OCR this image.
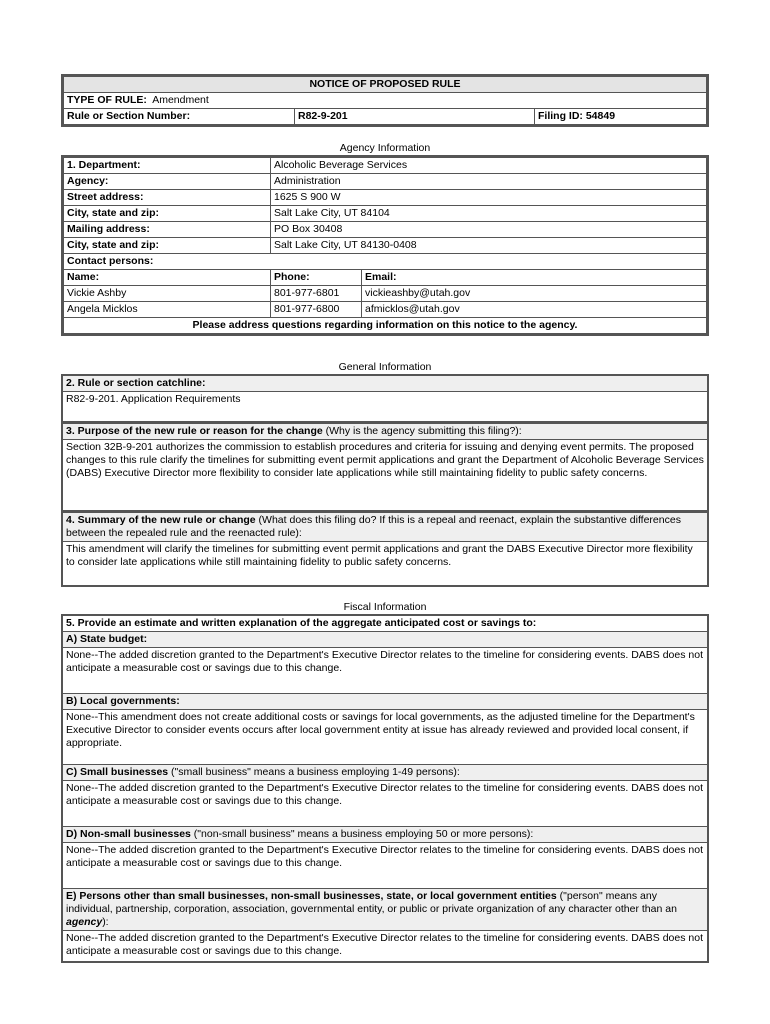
NOTICE OF PROPOSED RULE
TYPE OF RULE: Amendment
Rule or Section Number:	R82-9-201	Filing ID: 54849
Agency Information
1. Department:	Alcoholic Beverage Services	
Agency:	Administration	
Street address:	1625 S 900 W	
City, state and zip:	Salt Lake City, UT 84104	
Mailing address:	PO Box 30408	
City, state and zip:	Salt Lake City, UT 84130-0408	
Contact persons:		
Name:	Phone:	Email:
Vickie Ashby	801-977-6801	vickieashby@utah.gov
Angela Micklos	801-977-6800	afmicklos@utah.gov
Please address questions regarding information on this notice to the agency.		
General Information
2. Rule or section catchline:
R82-9-201. Application Requirements
3. Purpose of the new rule or reason for the change (Why is the agency submitting this filing?):
Section 32B-9-201 authorizes the commission to establish procedures and criteria for issuing and denying event permits. The proposed changes to this rule clarify the timelines for submitting event permit applications and grant the Department of Alcoholic Beverage Services (DABS) Executive Director more flexibility to consider late applications while still maintaining fidelity to public safety concerns.
4. Summary of the new rule or change (What does this filing do? If this is a repeal and reenact, explain the substantive differences between the repealed rule and the reenacted rule):
This amendment will clarify the timelines for submitting event permit applications and grant the DABS Executive Director more flexibility to consider late applications while still maintaining fidelity to public safety concerns.
Fiscal Information
5. Provide an estimate and written explanation of the aggregate anticipated cost or savings to:
A) State budget:
None--The added discretion granted to the Department's Executive Director relates to the timeline for considering events. DABS does not anticipate a measurable cost or savings due to this change.
B) Local governments:
None--This amendment does not create additional costs or savings for local governments, as the adjusted timeline for the Department's Executive Director to consider events occurs after local government entity at issue has already reviewed and provided local consent, if appropriate.
C) Small businesses ("small business" means a business employing 1-49 persons):
None--The added discretion granted to the Department's Executive Director relates to the timeline for considering events. DABS does not anticipate a measurable cost or savings due to this change.
D) Non-small businesses ("non-small business" means a business employing 50 or more persons):
None--The added discretion granted to the Department's Executive Director relates to the timeline for considering events. DABS does not anticipate a measurable cost or savings due to this change.
E) Persons other than small businesses, non-small businesses, state, or local government entities ("person" means any individual, partnership, corporation, association, governmental entity, or public or private organization of any character other than an agency):
None--The added discretion granted to the Department's Executive Director relates to the timeline for considering events. DABS does not anticipate a measurable cost or savings due to this change.
